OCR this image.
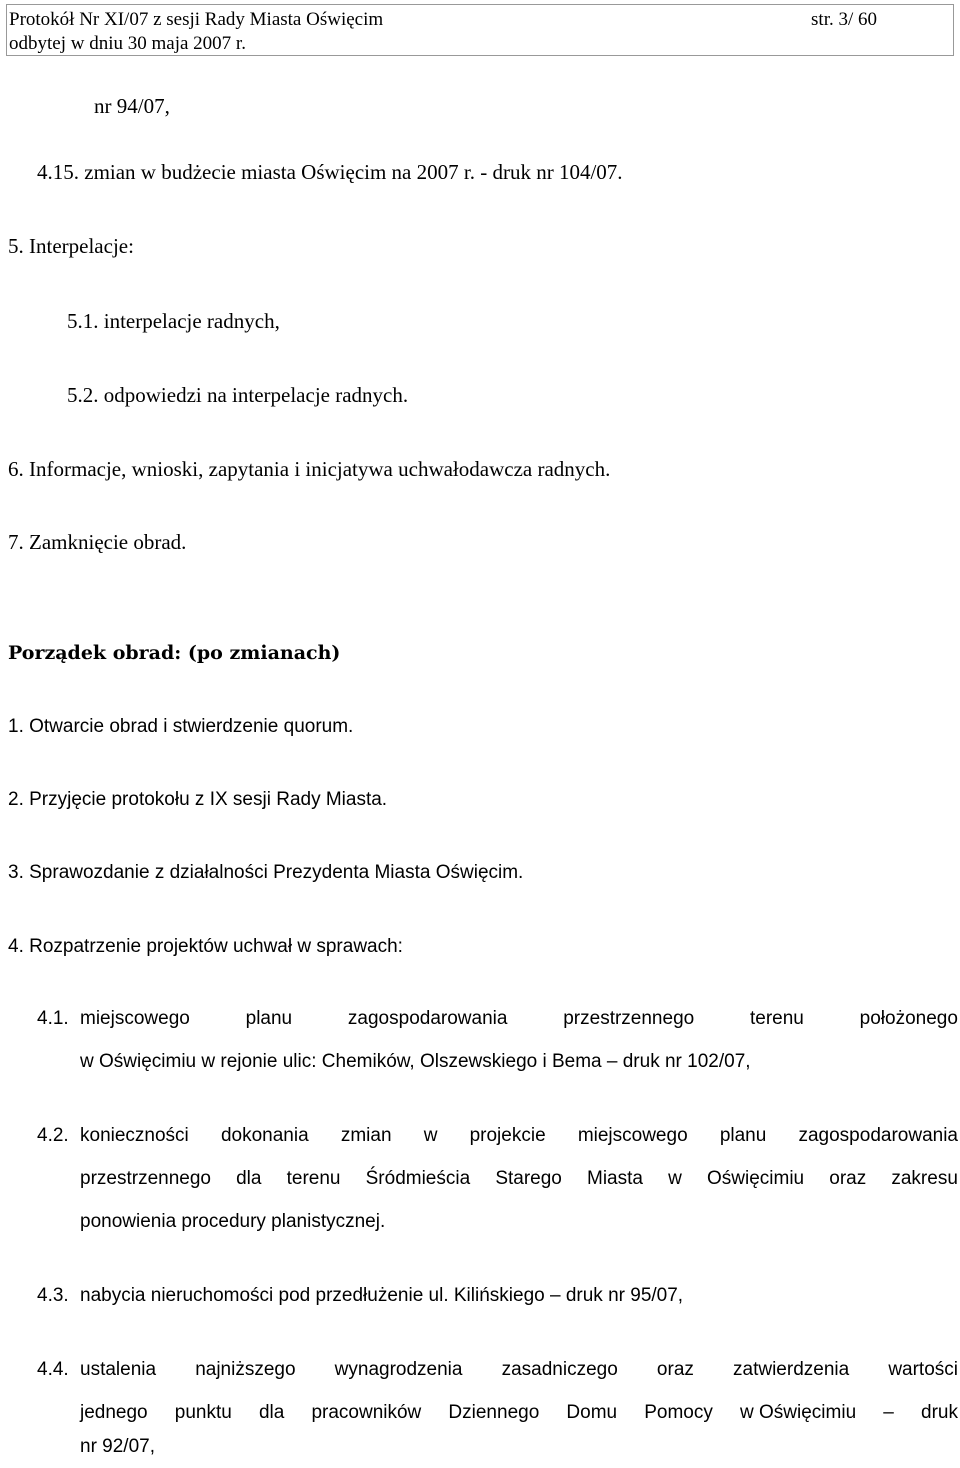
Protokół Nr XI/07 z sesji Rady Miasta Oświęcim	str. 3/ 60
odbytej w dniu 30 maja 2007 r.
nr 94/07,
4.15. zmian w budżecie miasta Oświęcim na 2007 r. - druk nr 104/07.
5. Interpelacje:
5.1. interpelacje radnych,
5.2. odpowiedzi na interpelacje radnych.
6. Informacje, wnioski, zapytania i inicjatywa uchwałodawcza radnych.
7. Zamknięcie obrad.
Porządek obrad: (po zmianach)
1. Otwarcie obrad i stwierdzenie quorum.
2. Przyjęcie protokołu z IX sesji Rady Miasta.
3. Sprawozdanie z działalności Prezydenta Miasta Oświęcim.
4. Rozpatrzenie projektów uchwał w sprawach:
4.1. miejscowego	planu	zagospodarowania	przestrzennego	terenu	położonego
w Oświęcimiu w rejonie ulic: Chemików, Olszewskiego i Bema – druk nr 102/07,
4.2. konieczności dokonania zmian w projekcie miejscowego planu zagospodarowania
przestrzennego dla terenu Śródmieścia Starego Miasta w Oświęcimiu oraz zakresu
ponowienia procedury planistycznej.
4.3. nabycia nieruchomości pod przedłużenie ul. Kilińskiego – druk nr 95/07,
4.4. ustalenia najniższego wynagrodzenia zasadniczego oraz zatwierdzenia wartości
jednego punktu dla pracowników Dziennego Domu Pomocy w Oświęcimiu – druk
nr 92/07,
